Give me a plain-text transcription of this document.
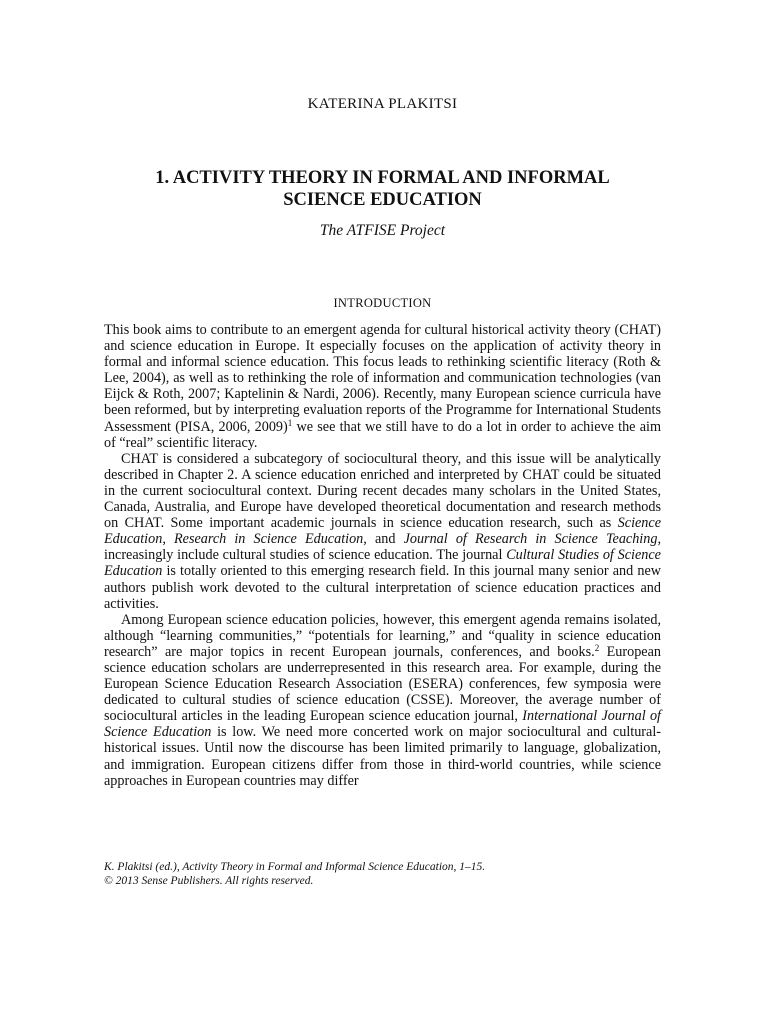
KATERINA PLAKITSI
1. ACTIVITY THEORY IN FORMAL AND INFORMAL
SCIENCE EDUCATION
The ATFISE Project
INTRODUCTION

This book aims to contribute to an emergent agenda for cultural historical activity theory (CHAT) and science education in Europe. It especially focuses on the application of activity theory in formal and informal science education. This focus leads to rethinking scientific literacy (Roth & Lee, 2004), as well as to rethinking the role of information and communication technologies (van Eijck & Roth, 2007; Kaptelinin & Nardi, 2006). Recently, many European science curricula have been reformed, but by interpreting evaluation reports of the Programme for International Students Assessment (PISA, 2006, 2009)$^1$ we see that we still have to do a lot in order to achieve the aim of “real” scientific literacy.

CHAT is considered a subcategory of sociocultural theory, and this issue will be analytically described in Chapter 2. A science education enriched and interpreted by CHAT could be situated in the current sociocultural context. During recent decades many scholars in the United States, Canada, Australia, and Europe have developed theoretical documentation and research methods on CHAT. Some important academic journals in science education research, such as Science Education, Research in Science Education, and Journal of Research in Science Teaching, increasingly include cultural studies of science education. The journal Cultural Studies of Science Education is totally oriented to this emerging research field. In this journal many senior and new authors publish work devoted to the cultural interpretation of science education practices and activities.

Among European science education policies, however, this emergent agenda remains isolated, although “learning communities,” “potentials for learning,” and “quality in science education research” are major topics in recent European journals, conferences, and books.$^2$ European science education scholars are underrepresented in this research area. For example, during the European Science Education Research Association (ESERA) conferences, few symposia were dedicated to cultural studies of science education (CSSE). Moreover, the average number of sociocultural articles in the leading European science education journal, International Journal of Science Education is low. We need more concerted work on major sociocultural and cultural-historical issues. Until now the discourse has been limited primarily to language, globalization, and immigration. European citizens differ from those in third-world countries, while science approaches in European countries may differ

K. Plakitsi (ed.), Activity Theory in Formal and Informal Science Education, 1–15.
© 2013 Sense Publishers. All rights reserved.
